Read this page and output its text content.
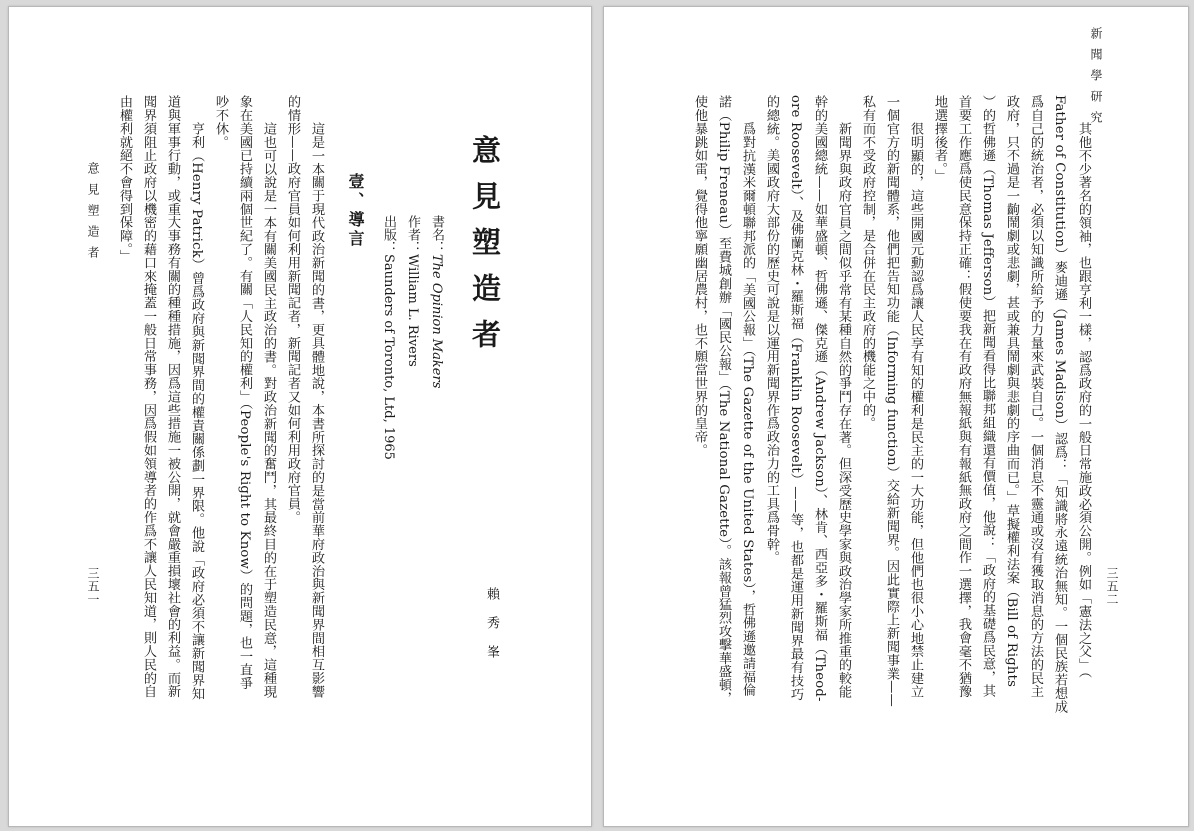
意見塑造者
書名：The Opinion Makers
作者：William L. Rivers
出版：Saunders of Toronto, Ltd, 1965
壹、導言
賴秀峯
這是一本關于現代政治新聞的書，更具體地說，本書所探討的是當前華府政治與新聞界間相互影響
的情形——政府官員如何利用新聞記者，新聞記者又如何利用政府官員。
這也可以說是一本有關美國民主政治的書。對政治新聞的奮鬥，其最終目的在于塑造民意，這種現
象在美國已持續兩個世紀了。有關「人民知的權利」（People's Right to Know）的問題，也一直爭
吵不休。
亨利（Henry Patrick）曾爲政府與新聞界間的權責關係劃一界限。他說「政府必須不讓新聞界知
道與軍事行動，或重大事務有關的種種措施，因爲這些措施一被公開，就會嚴重損壞社會的利益。而新
聞界須阻止政府以機密的藉口來掩蓋一般日常事務，因爲假如領導者的作爲不讓人民知道，則人民的自
由權利就絕不會得到保障。」
意見塑造者
三五一
新聞學研究
三五二
其他不少著名的領袖，也跟亨利一樣，認爲政府的一般日常施政必須公開。例如「憲法之父」（
Father of Constitution）麥迪遜（James Madison）認爲：「知識將永遠統治無知。一個民族若想成
爲自己的統治者，必須以知識所給予的力量來武裝自己。一個消息不靈通或沒有獲取消息的方法的民主
政府，只不過是一齣鬧劇或悲劇，甚或兼具鬧劇與悲劇的序曲而已。」草擬權利法案（Bill of Rights
）的哲佛遜（Thomas Jefferson）把新聞看得比聯邦組織還有價值，他說：「政府的基礎爲民意，其
首要工作應爲使民意保持正確：假使要我在有政府無報紙與有報紙無政府之間作一選擇，我會毫不猶豫
地選擇後者。」
很明顯的，這些開國元勳認爲讓人民享有知的權利是民主的一大功能，但他們也很小心地禁止建立
一個官方的新聞體系，他們把告知功能（Informing function）交給新聞界。因此實際上新聞事業——
私有而不受政府控制，是合併在民主政府的機能之中的。
新聞界與政府官員之間似乎常有某種自然的爭鬥存在著。但深受歷史學家與政治學家所推重的較能
幹的美國總統——如華盛頓、哲佛遜、傑克遜（Andrew Jackson）、林肯、西亞多・羅斯福（Theod-
ore Roosevelt）、及佛蘭克林・羅斯福（Franklin Roosevelt）——等，也都是運用新聞界最有技巧
的總統。美國政府大部份的歷史可說是以運用新聞界作爲政治力的工具爲骨幹。
爲對抗漢米爾頓聯邦派的「美國公報」（The Gazette of the United States），哲佛遜邀請福倫
諾（Philip Freneau）至費城創辦「國民公報」（The National Gazette）。該報曾猛烈攻擊華盛頓，
使他暴跳如雷，覺得他寧願幽居農村，也不願當世界的皇帝。
